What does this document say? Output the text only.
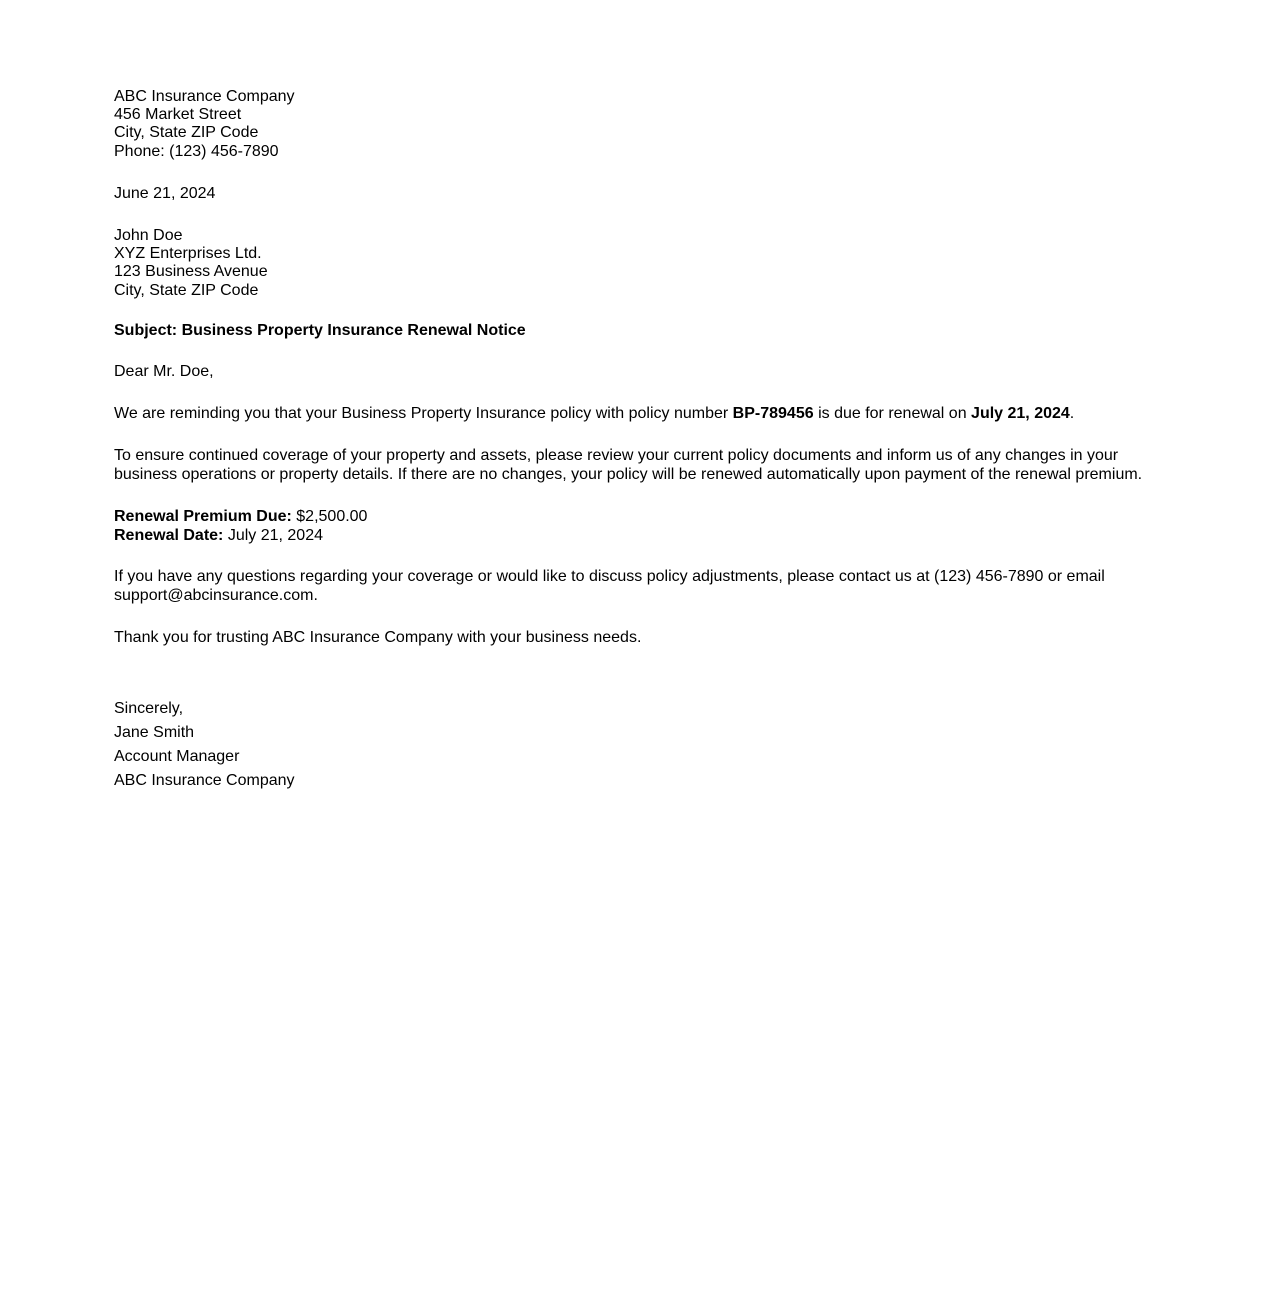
ABC Insurance Company
456 Market Street
City, State ZIP Code
Phone: (123) 456-7890
June 21, 2024
John Doe
XYZ Enterprises Ltd.
123 Business Avenue
City, State ZIP Code

Subject: Business Property Insurance Renewal Notice

Dear Mr. Doe,

We are reminding you that your Business Property Insurance policy with policy number BP-789456 is due for renewal on July 21, 2024.

To ensure continued coverage of your property and assets, please review your current policy documents and inform us of any changes in your business operations or property details. If there are no changes, your policy will be renewed automatically upon payment of the renewal premium.

Renewal Premium Due: $2,500.00
Renewal Date: July 21, 2024

If you have any questions regarding your coverage or would like to discuss policy adjustments, please contact us at (123) 456-7890 or email support@abcinsurance.com.

Thank you for trusting ABC Insurance Company with your business needs.

Sincerely,
Jane Smith
Account Manager
ABC Insurance Company
